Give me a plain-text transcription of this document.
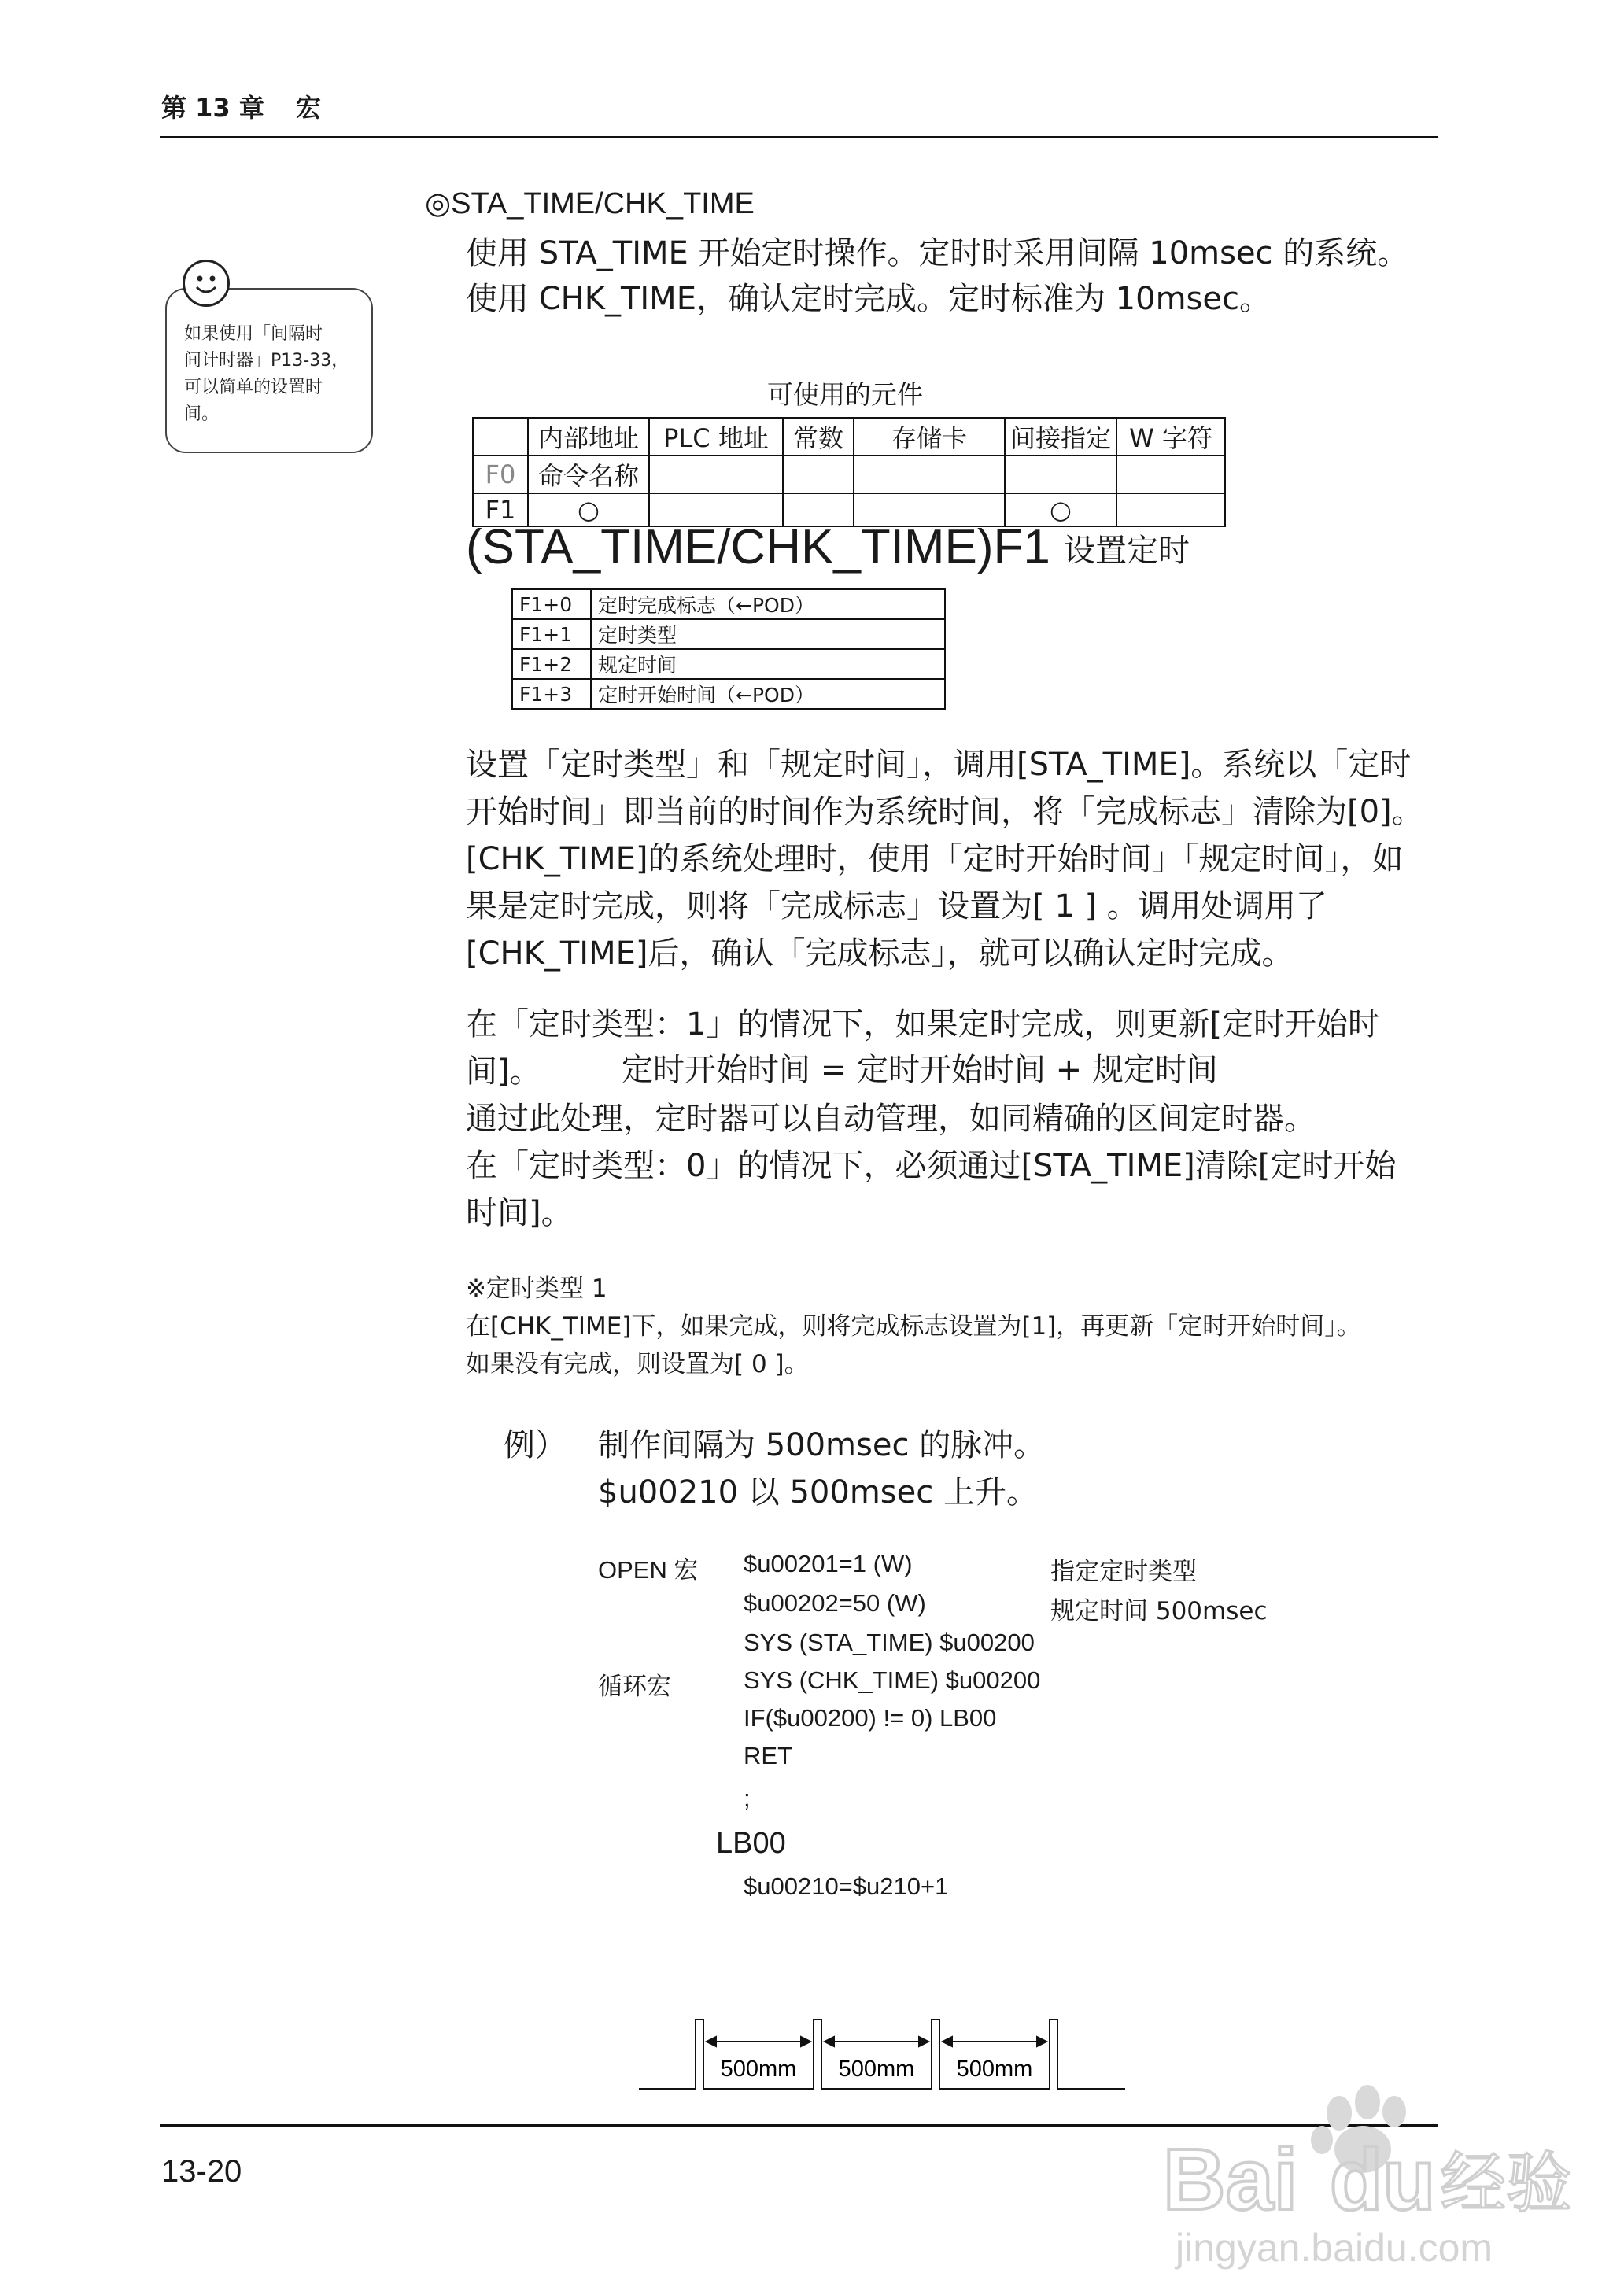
第 13 章 宏
如果使用「间隔时
间计时器」P13-33，
可以简单的设置时
间。
◎STA_TIME/CHK_TIME
使用 STA_TIME 开始定时操作。定时时采用间隔 10msec 的系统。
使用 CHK_TIME，确认定时完成。定时标准为 10msec。
可使用的元件
	内部地址	PLC 地址	常数	存储卡	间接指定	W 字符
F0	命令名称					
F1	○				○	
(STA_TIME/CHK_TIME)F1 设置定时
F1+0	定时完成标志（←POD）
F1+1	定时类型
F1+2	规定时间
F1+3	定时开始时间（←POD）
设置「定时类型」和「规定时间」，调用[STA_TIME]。系统以「定时
开始时间」即当前的时间作为系统时间，将「完成标志」清除为[0]。
[CHK_TIME]的系统处理时，使用「定时开始时间」「规定时间」，如
果是定时完成，则将「完成标志」设置为[ 1 ] 。调用处调用了
[CHK_TIME]后，确认「完成标志」，就可以确认定时完成。
在「定时类型：1」的情况下，如果定时完成，则更新[定时开始时间]。	定时开始时间 = 定时开始时间 + 规定时间
通过此处理，定时器可以自动管理，如同精确的区间定时器。
在「定时类型：0」的情况下，必须通过[STA_TIME]清除[定时开始
时间]。
※定时类型 1
在[CHK_TIME]下，如果完成，则将完成标志设置为[1]，再更新「定时开始时间」。
如果没有完成，则设置为[ 0 ]。
例） 制作间隔为 500msec 的脉冲。
$u00210 以 500msec 上升。
OPEN 宏
循环宏
$u00201=1 (W)
$u00202=50 (W)
SYS (STA_TIME) $u00200
SYS (CHK_TIME) $u00200
IF($u00200) != 0) LB00
RET
;
指定定时类型
规定时间 500msec
LB00
$u00210=$u210+1
500mm 500mm 500mm
13-20	Bai du 经验
jingyan.baidu.com
